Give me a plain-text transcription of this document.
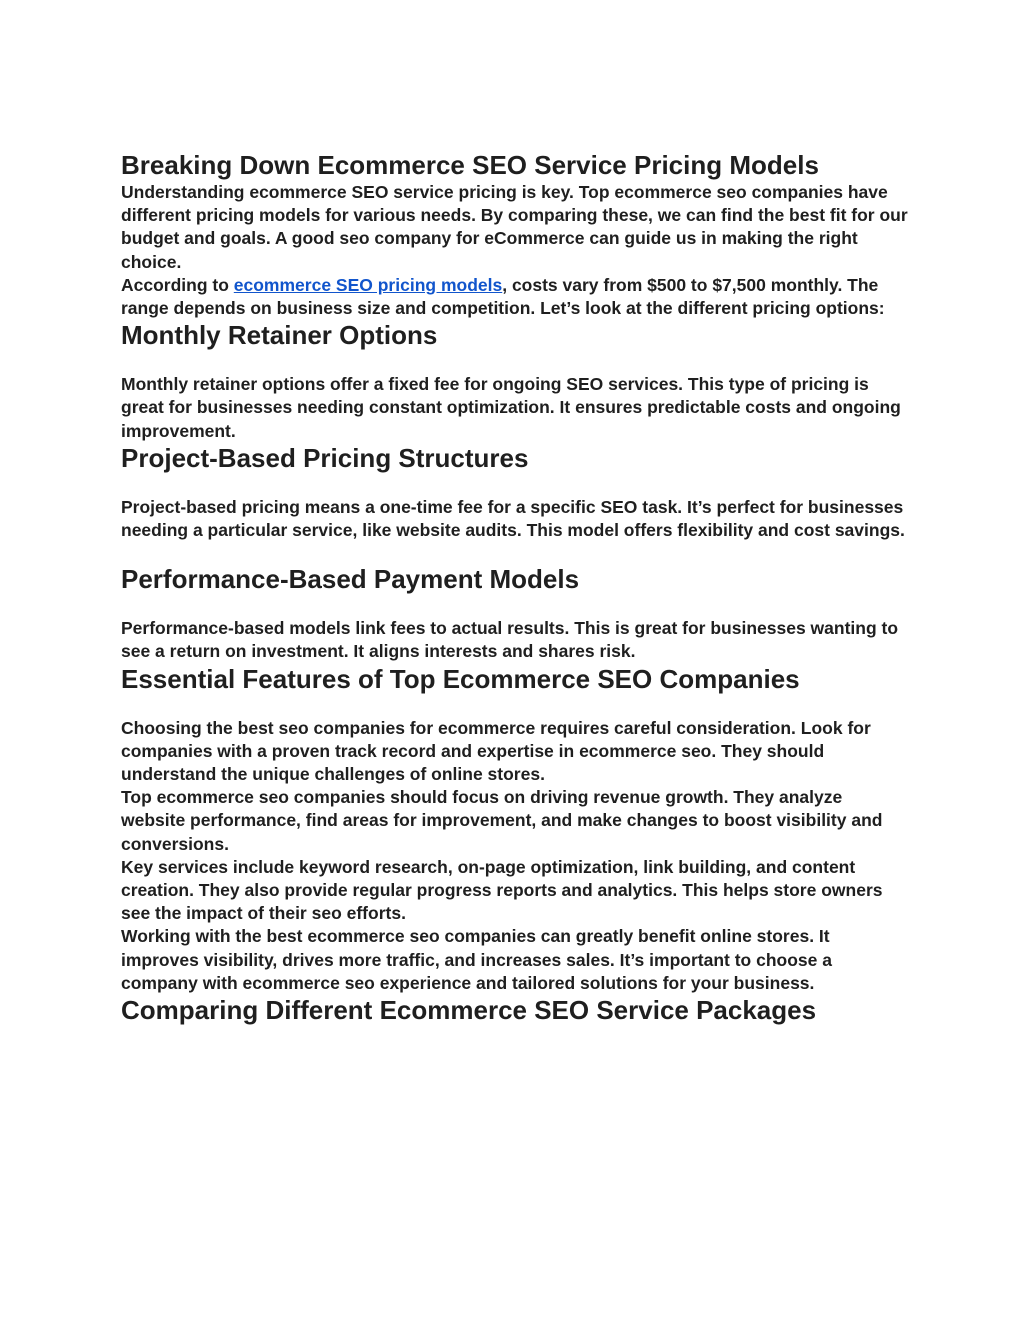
Breaking Down Ecommerce SEO Service Pricing Models

Understanding ecommerce SEO service pricing is key. Top ecommerce seo companies have different pricing models for various needs. By comparing these, we can find the best fit for our budget and goals. A good seo company for eCommerce can guide us in making the right choice.

According to ecommerce SEO pricing models, costs vary from $500 to $7,500 monthly. The range depends on business size and competition. Let’s look at the different pricing options:

Monthly Retainer Options

Monthly retainer options offer a fixed fee for ongoing SEO services. This type of pricing is great for businesses needing constant optimization. It ensures predictable costs and ongoing improvement.

Project-Based Pricing Structures

Project-based pricing means a one-time fee for a specific SEO task. It’s perfect for businesses needing a particular service, like website audits. This model offers flexibility and cost savings.

Performance-Based Payment Models

Performance-based models link fees to actual results. This is great for businesses wanting to see a return on investment. It aligns interests and shares risk.

Essential Features of Top Ecommerce SEO Companies

Choosing the best seo companies for ecommerce requires careful consideration. Look for companies with a proven track record and expertise in ecommerce seo. They should understand the unique challenges of online stores.

Top ecommerce seo companies should focus on driving revenue growth. They analyze website performance, find areas for improvement, and make changes to boost visibility and conversions.

Key services include keyword research, on-page optimization, link building, and content creation. They also provide regular progress reports and analytics. This helps store owners see the impact of their seo efforts.

Working with the best ecommerce seo companies can greatly benefit online stores. It improves visibility, drives more traffic, and increases sales. It’s important to choose a company with ecommerce seo experience and tailored solutions for your business.

Comparing Different Ecommerce SEO Service Packages
